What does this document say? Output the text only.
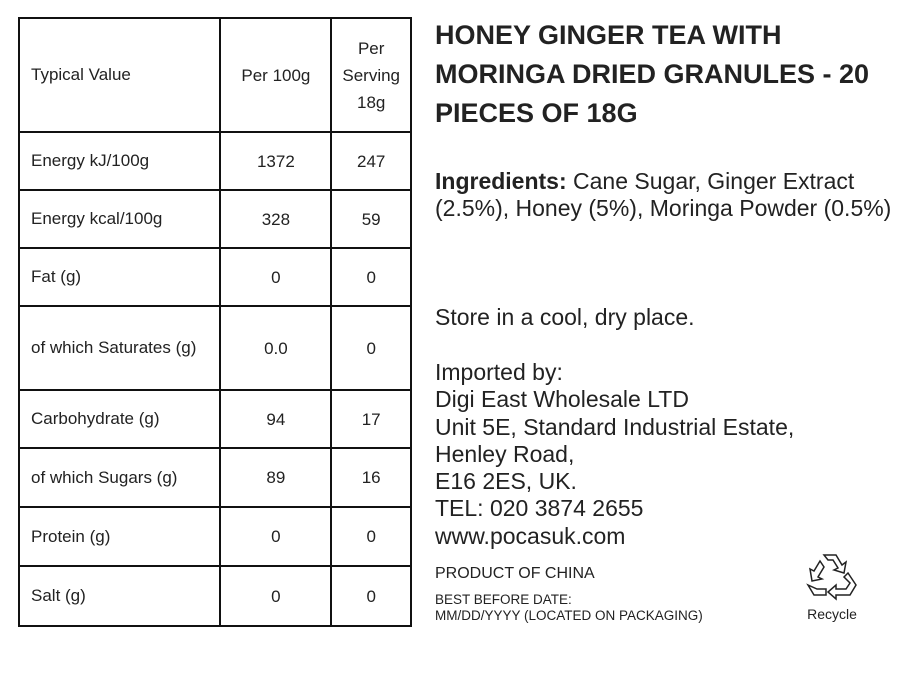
Typical Value	Per 100g	Per Serving 18g
Energy kJ/100g	1372	247
Energy kcal/100g	328	59
Fat (g)	0	0
of which Saturates (g)	0.0	0
Carbohydrate (g)	94	17
of which Sugars (g)	89	16
Protein (g)	0	0
Salt (g)	0	0
HONEY GINGER TEA WITH MORINGA DRIED GRANULES - 20 PIECES OF 18G
Ingredients: Cane Sugar, Ginger Extract (2.5%), Honey (5%), Moringa Powder (0.5%)
Store in a cool, dry place.
Imported by:
Digi East Wholesale LTD
Unit 5E, Standard Industrial Estate,
Henley Road,
E16 2ES, UK.
TEL: 020 3874 2655
www.pocasuk.com
PRODUCT OF CHINA
BEST BEFORE DATE:
MM/DD/YYYY (LOCATED ON PACKAGING)	Recycle
